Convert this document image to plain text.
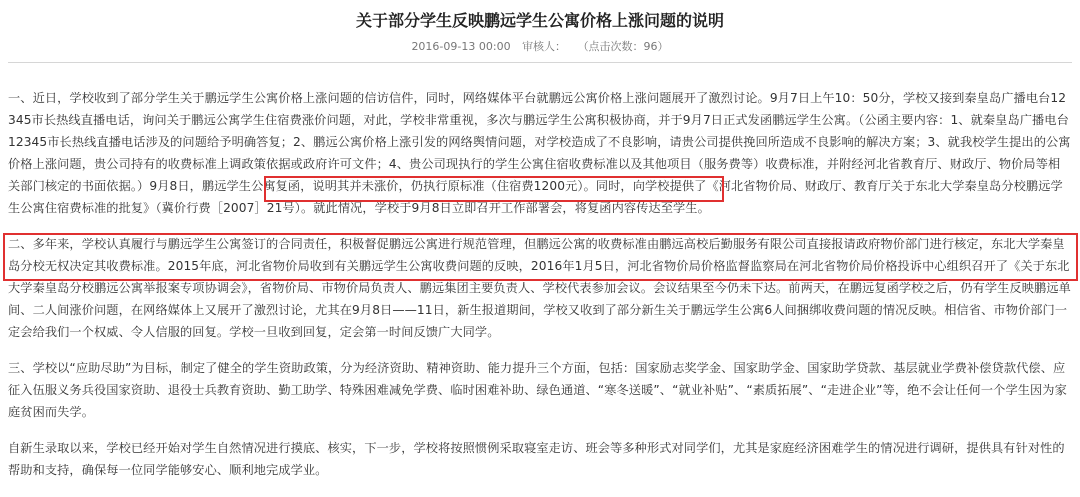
关于部分学生反映鹏远学生公寓价格上涨问题的说明
2016-09-13 00:00 审核人： （点击次数：96）

一、近日，学校收到了部分学生关于鹏远学生公寓价格上涨问题的信访信件，同时，网络媒体平台就鹏远公寓价格上涨问题展开了激烈讨论。9月7日上午10：50分，学校又接到秦皇岛广播电台12345市长热线直播电话，询问关于鹏远公寓学生住宿费涨价问题，对此，学校非常重视，多次与鹏远学生公寓积极协商，并于9月7日正式发函鹏远学生公寓。（公函主要内容：1、就秦皇岛广播电台12345市长热线直播电话涉及的问题给予明确答复；2、鹏远公寓价格上涨引发的网络舆情问题，对学校造成了不良影响，请贵公司提供挽回所造成不良影响的解决方案；3、就我校学生提出的公寓价格上涨问题，贵公司持有的收费标准上调政策依据或政府许可文件；4、贵公司现执行的学生公寓住宿收费标准以及其他项目（服务费等）收费标准，并附经河北省教育厅、财政厅、物价局等相关部门核定的书面依据。）9月8日，鹏远学生公寓复函，说明其并未涨价，仍执行原标准（住宿费1200元）。同时，向学校提供了《河北省物价局、财政厅、教育厅关于东北大学秦皇岛分校鹏远学生公寓住宿费标准的批复》（冀价行费［2007］21号）。就此情况，学校于9月8日立即召开工作部署会，将复函内容传达至学生。

二、多年来，学校认真履行与鹏远学生公寓签订的合同责任，积极督促鹏远公寓进行规范管理，但鹏远公寓的收费标准由鹏远高校后勤服务有限公司直接报请政府物价部门进行核定，东北大学秦皇岛分校无权决定其收费标准。2015年底，河北省物价局收到有关鹏远学生公寓收费问题的反映，2016年1月5日，河北省物价局价格监督监察局在河北省物价局价格投诉中心组织召开了《关于东北大学秦皇岛分校鹏远公寓举报案专项协调会》，省物价局、市物价局负责人、鹏远集团主要负责人、学校代表参加会议。会议结果至今仍未下达。前两天，在鹏远复函学校之后，仍有学生反映鹏远单间、二人间涨价问题，在网络媒体上又展开了激烈讨论，尤其在9月8日——11日，新生报道期间，学校又收到了部分新生关于鹏远学生公寓6人间捆绑收费问题的情况反映。相信省、市物价部门一定会给我们一个权威、令人信服的回复。学校一旦收到回复，定会第一时间反馈广大同学。

三、学校以“应助尽助”为目标，制定了健全的学生资助政策，分为经济资助、精神资助、能力提升三个方面，包括：国家励志奖学金、国家助学金、国家助学贷款、基层就业学费补偿贷款代偿、应征入伍服义务兵役国家资助、退役士兵教育资助、勤工助学、特殊困难减免学费、临时困难补助、绿色通道、“寒冬送暖”、“就业补贴”、“素质拓展”、“走进企业”等，绝不会让任何一个学生因为家庭贫困而失学。

自新生录取以来，学校已经开始对学生自然情况进行摸底、核实，下一步，学校将按照惯例采取寝室走访、班会等多种形式对同学们，尤其是家庭经济困难学生的情况进行调研，提供具有针对性的帮助和支持，确保每一位同学能够安心、顺利地完成学业。
